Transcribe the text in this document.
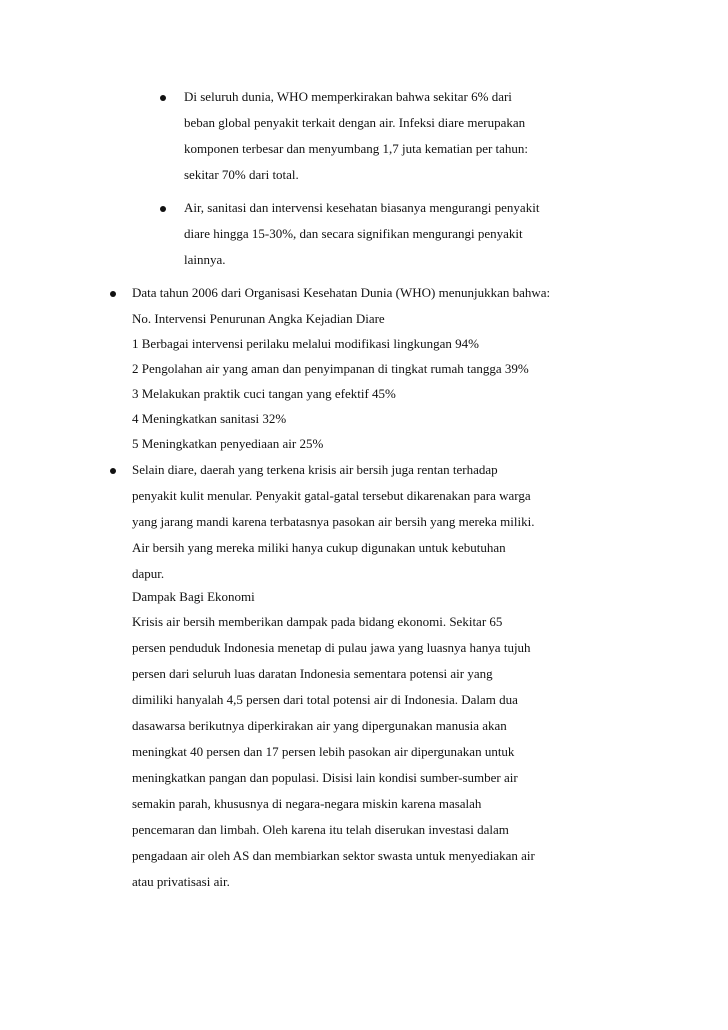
Di seluruh dunia, WHO memperkirakan bahwa sekitar 6% dari
beban global penyakit terkait dengan air. Infeksi diare merupakan
komponen terbesar dan menyumbang 1,7 juta kematian per tahun:
sekitar 70% dari total.
Air, sanitasi dan intervensi kesehatan biasanya mengurangi penyakit
diare hingga 15-30%, dan secara signifikan mengurangi penyakit
lainnya.
Data tahun 2006 dari Organisasi Kesehatan Dunia (WHO) menunjukkan bahwa:
No. Intervensi Penurunan Angka Kejadian Diare
1 Berbagai intervensi perilaku melalui modifikasi lingkungan 94%
2 Pengolahan air yang aman dan penyimpanan di tingkat rumah tangga 39%
3 Melakukan praktik cuci tangan yang efektif 45%
4 Meningkatkan sanitasi 32%
5 Meningkatkan penyediaan air 25%
Selain diare, daerah yang terkena krisis air bersih juga rentan terhadap
penyakit kulit menular. Penyakit gatal-gatal tersebut dikarenakan para warga
yang jarang mandi karena terbatasnya pasokan air bersih yang mereka miliki.
Air bersih yang mereka miliki hanya cukup digunakan untuk kebutuhan
dapur.
Dampak Bagi Ekonomi
Krisis air bersih memberikan dampak pada bidang ekonomi. Sekitar 65
persen penduduk Indonesia menetap di pulau jawa yang luasnya hanya tujuh
persen dari seluruh luas daratan Indonesia sementara potensi air yang
dimiliki hanyalah 4,5 persen dari total potensi air di Indonesia. Dalam dua
dasawarsa berikutnya diperkirakan air yang dipergunakan manusia akan
meningkat 40 persen dan 17 persen lebih pasokan air dipergunakan untuk
meningkatkan pangan dan populasi. Disisi lain kondisi sumber-sumber air
semakin parah, khususnya di negara-negara miskin karena masalah
pencemaran dan limbah. Oleh karena itu telah diserukan investasi dalam
pengadaan air oleh AS dan membiarkan sektor swasta untuk menyediakan air
atau privatisasi air.
